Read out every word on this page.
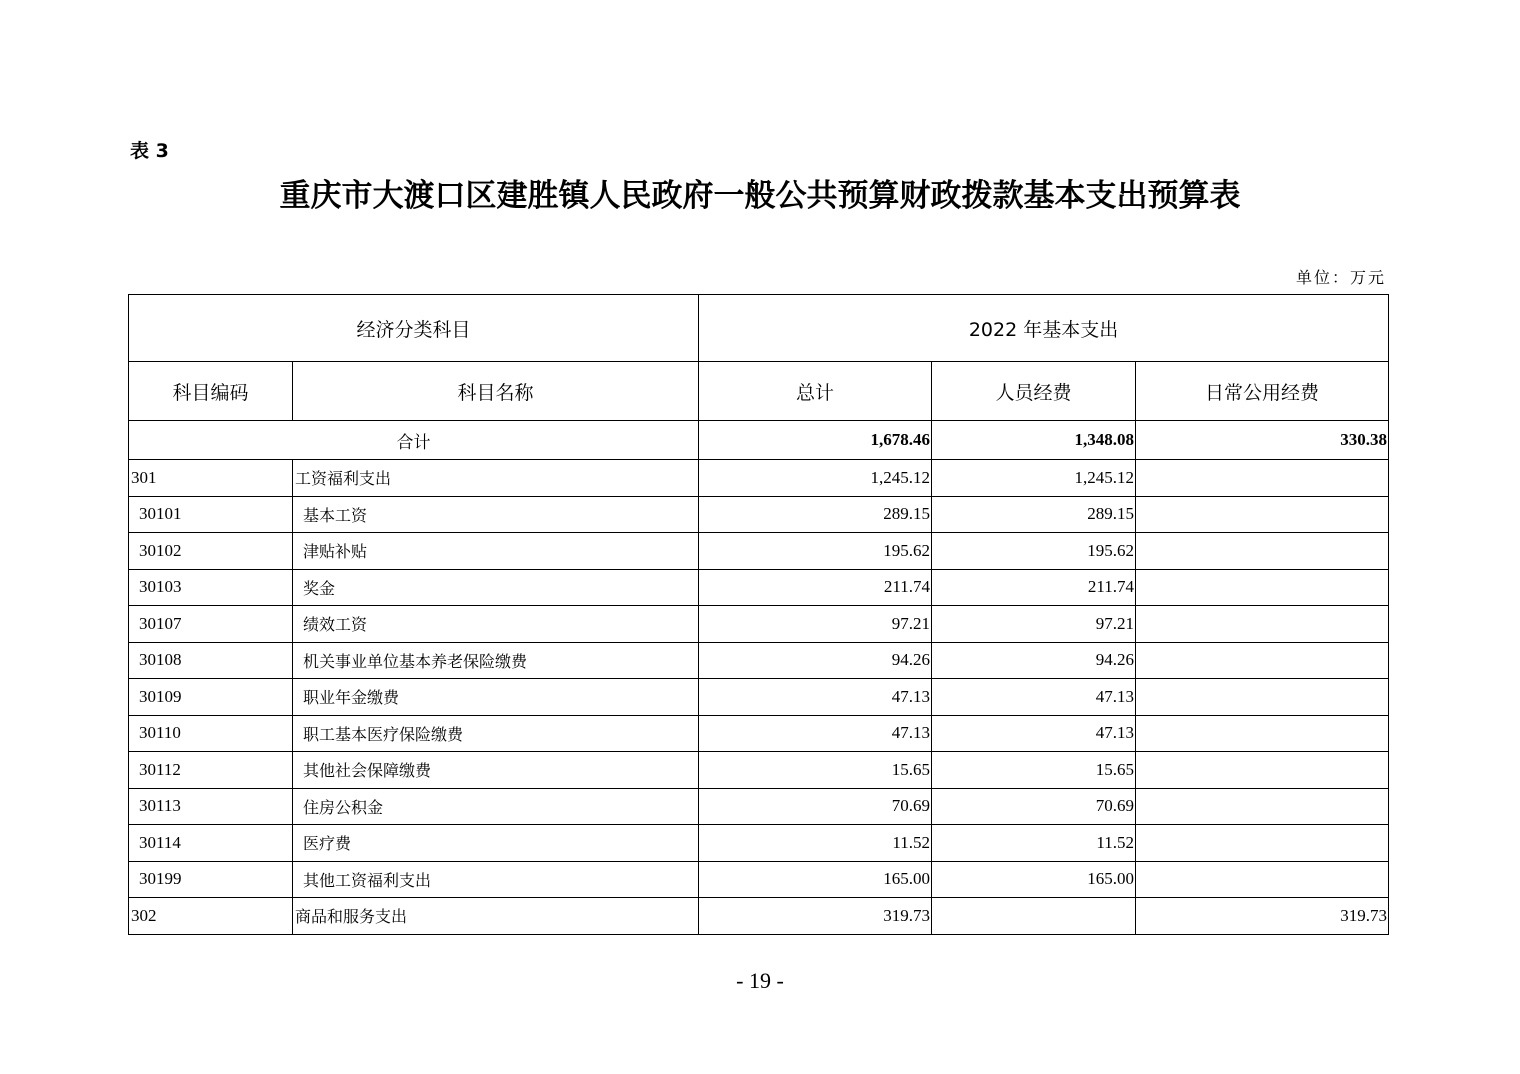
表 3
重庆市大渡口区建胜镇人民政府一般公共预算财政拨款基本支出预算表
单位：万元
经济分类科目		2022 年基本支出		
科目编码	科目名称	总计	人员经费	日常公用经费
合计		1,678.46	1,348.08	330.38
301	工资福利支出	1,245.12	1,245.12	
30101	基本工资	289.15	289.15	
30102	津贴补贴	195.62	195.62	
30103	奖金	211.74	211.74	
30107	绩效工资	97.21	97.21	
30108	机关事业单位基本养老保险缴费	94.26	94.26	
30109	职业年金缴费	47.13	47.13	
30110	职工基本医疗保险缴费	47.13	47.13	
30112	其他社会保障缴费	15.65	15.65	
30113	住房公积金	70.69	70.69	
30114	医疗费	11.52	11.52	
30199	其他工资福利支出	165.00	165.00	
302	商品和服务支出	319.73		319.73
- 19 -
